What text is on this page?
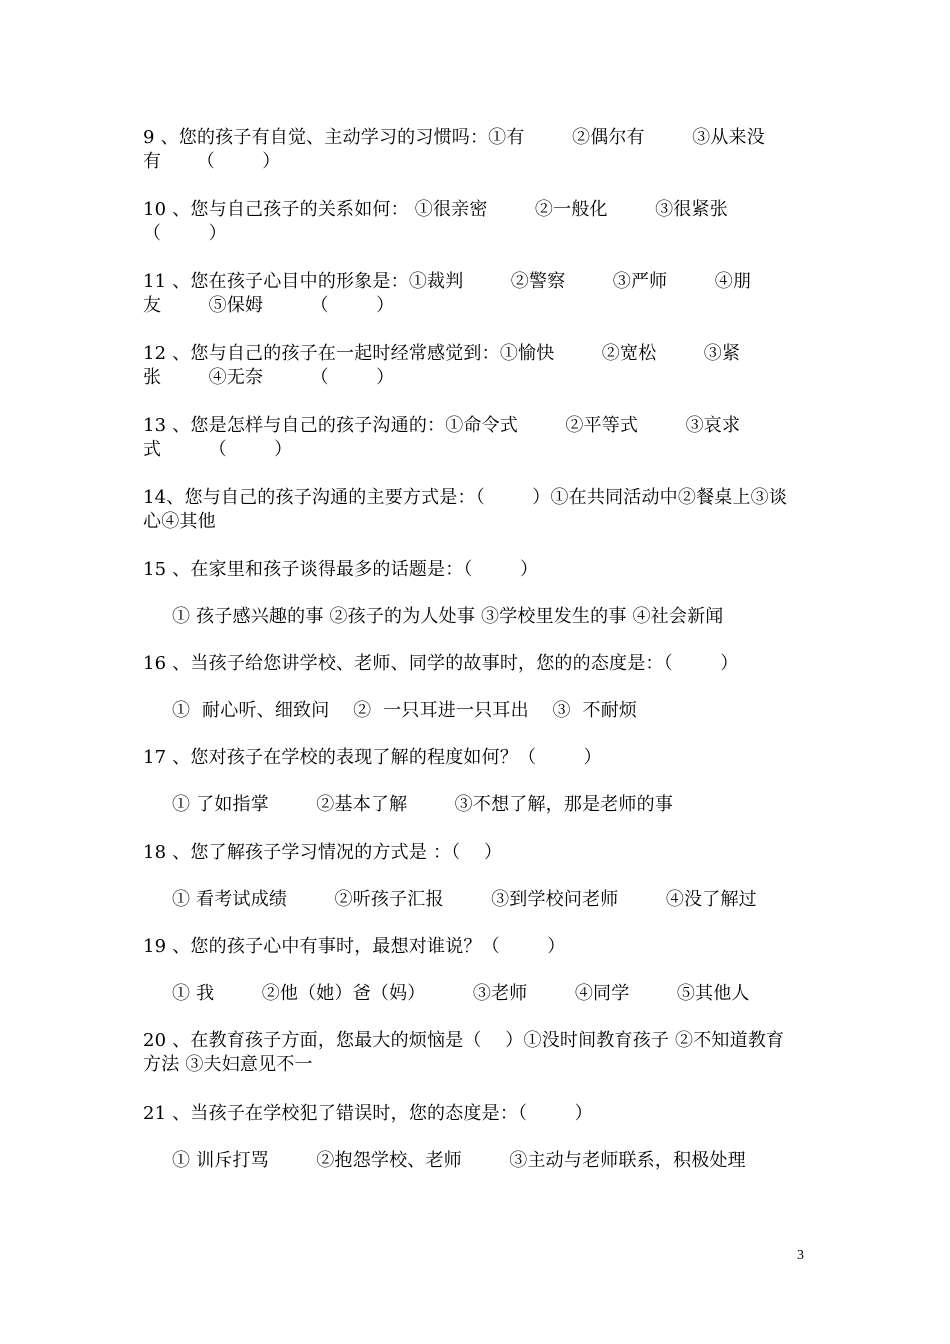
9 、您的孩子有自觉、主动学习的习惯吗：①有        ②偶尔有        ③从来没
有      （        ）
10 、您与自己孩子的关系如何： ①很亲密        ②一般化        ③很紧张
（        ）
11 、您在孩子心目中的形象是：①裁判        ②警察        ③严师        ④朋
友        ⑤保姆        （        ）
12 、您与自己的孩子在一起时经常感觉到：①愉快        ②宽松        ③紧
张        ④无奈        （        ）
13 、您是怎样与自己的孩子沟通的：①命令式        ②平等式        ③哀求
式        （        ）
14、您与自己的孩子沟通的主要方式是：（        ）①在共同活动中②餐桌上③谈
心④其他
15 、在家里和孩子谈得最多的话题是：（        ）
① 孩子感兴趣的事 ②孩子的为人处事 ③学校里发生的事 ④社会新闻
16 、当孩子给您讲学校、老师、同学的故事时，您的的态度是：（        ）
①  耐心听、细致问    ②  一只耳进一只耳出    ③  不耐烦
17 、您对孩子在学校的表现了解的程度如何？（        ）
① 了如指掌        ②基本了解        ③不想了解，那是老师的事
18 、您了解孩子学习情况的方式是 ：（    ）
① 看考试成绩        ②听孩子汇报        ③到学校问老师        ④没了解过
19 、您的孩子心中有事时，最想对谁说？（        ）
① 我        ②他（她）爸（妈）        ③老师        ④同学        ⑤其他人
20 、在教育孩子方面，您最大的烦恼是（    ）①没时间教育孩子 ②不知道教育
方法 ③夫妇意见不一
21 、当孩子在学校犯了错误时，您的态度是：（        ）
① 训斥打骂        ②抱怨学校、老师        ③主动与老师联系，积极处理
3
